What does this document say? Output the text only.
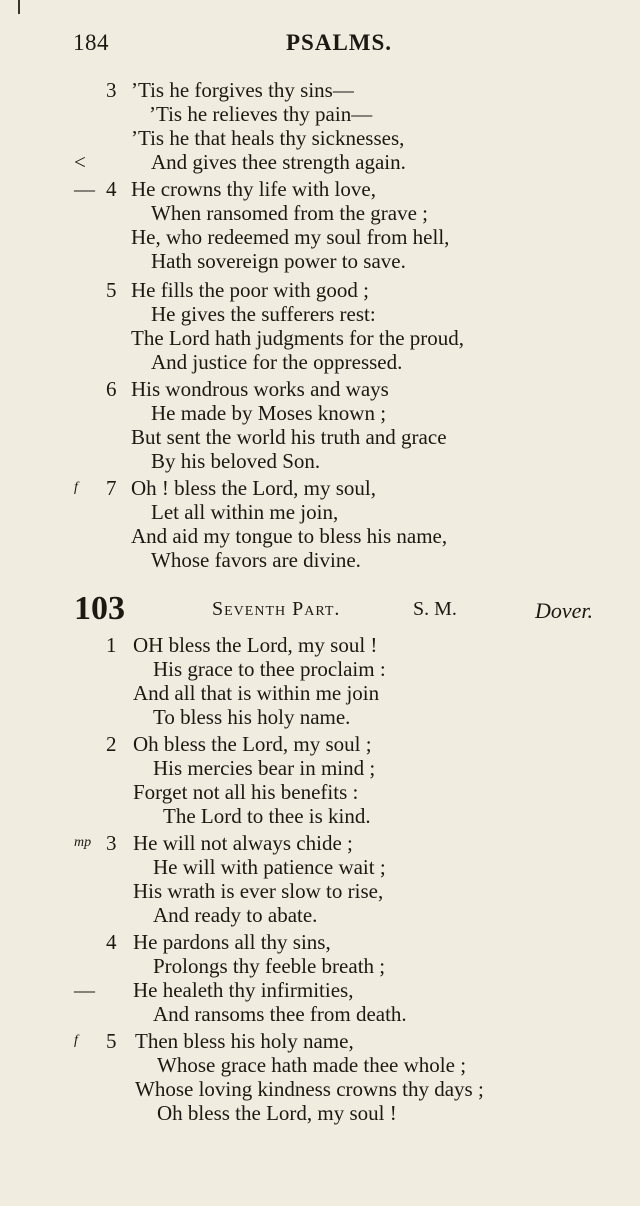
184	PSALMS.
3 ’Tis he forgives thy sins—
’Tis he relieves thy pain—
’Tis he that heals thy sicknesses,
<	And gives thee strength again.
— 4 He crowns thy life with love,
When ransomed from the grave ;
He, who redeemed my soul from hell,
Hath sovereign power to save.
5 He fills the poor with good ;
He gives the sufferers rest:
The Lord hath judgments for the proud,
And justice for the oppressed.
6 His wondrous works and ways
He made by Moses known ;
But sent the world his truth and grace
By his beloved Son.
f 7 Oh ! bless the Lord, my soul,
Let all within me join,
And aid my tongue to bless his name,
Whose favors are divine.
103	Seventh Part.	S. M.	Dover.
1 OH bless the Lord, my soul !
His grace to thee proclaim :
And all that is within me join
To bless his holy name.
2 Oh bless the Lord, my soul ;
His mercies bear in mind ;
Forget not all his benefits :
The Lord to thee is kind.
mp 3 He will not always chide ;
He will with patience wait ;
His wrath is ever slow to rise,
And ready to abate.
4 He pardons all thy sins,
Prolongs thy feeble breath ;
— He healeth thy infirmities,
And ransoms thee from death.
f 5 Then bless his holy name,
Whose grace hath made thee whole ;
Whose loving kindness crowns thy days ;
Oh bless the Lord, my soul !
